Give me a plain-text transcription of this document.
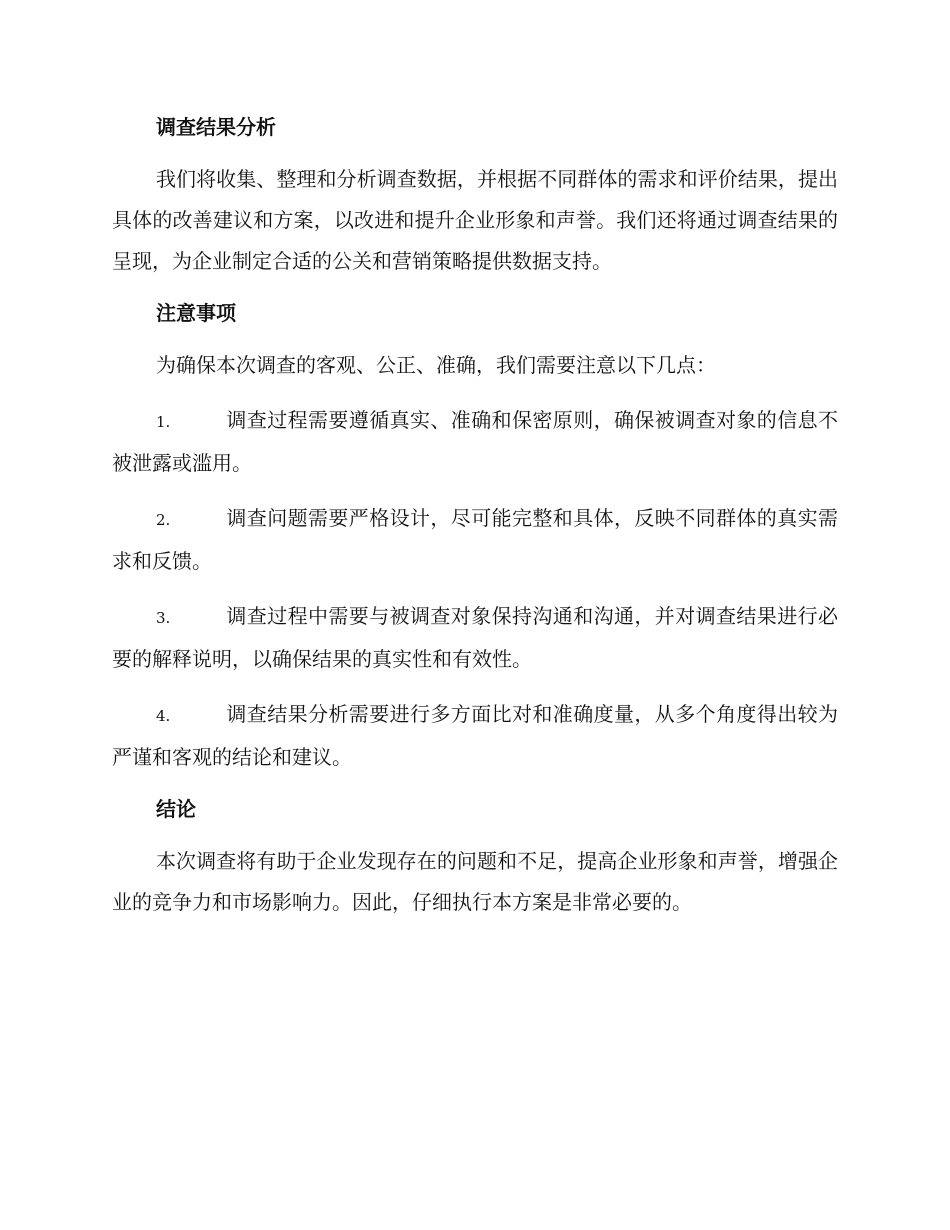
调查结果分析

我们将收集、整理和分析调查数据，并根据不同群体的需求和评价结果，提出具体的改善建议和方案，以改进和提升企业形象和声誉。我们还将通过调查结果的呈现，为企业制定合适的公关和营销策略提供数据支持。

注意事项

为确保本次调查的客观、公正、准确，我们需要注意以下几点：

1.	调查过程需要遵循真实、准确和保密原则，确保被调查对象的信息不被泄露或滥用。

2.	调查问题需要严格设计，尽可能完整和具体，反映不同群体的真实需求和反馈。

3.	调查过程中需要与被调查对象保持沟通和沟通，并对调查结果进行必要的解释说明，以确保结果的真实性和有效性。

4.	调查结果分析需要进行多方面比对和准确度量，从多个角度得出较为严谨和客观的结论和建议。

结论

本次调查将有助于企业发现存在的问题和不足，提高企业形象和声誉，增强企业的竞争力和市场影响力。因此，仔细执行本方案是非常必要的。
